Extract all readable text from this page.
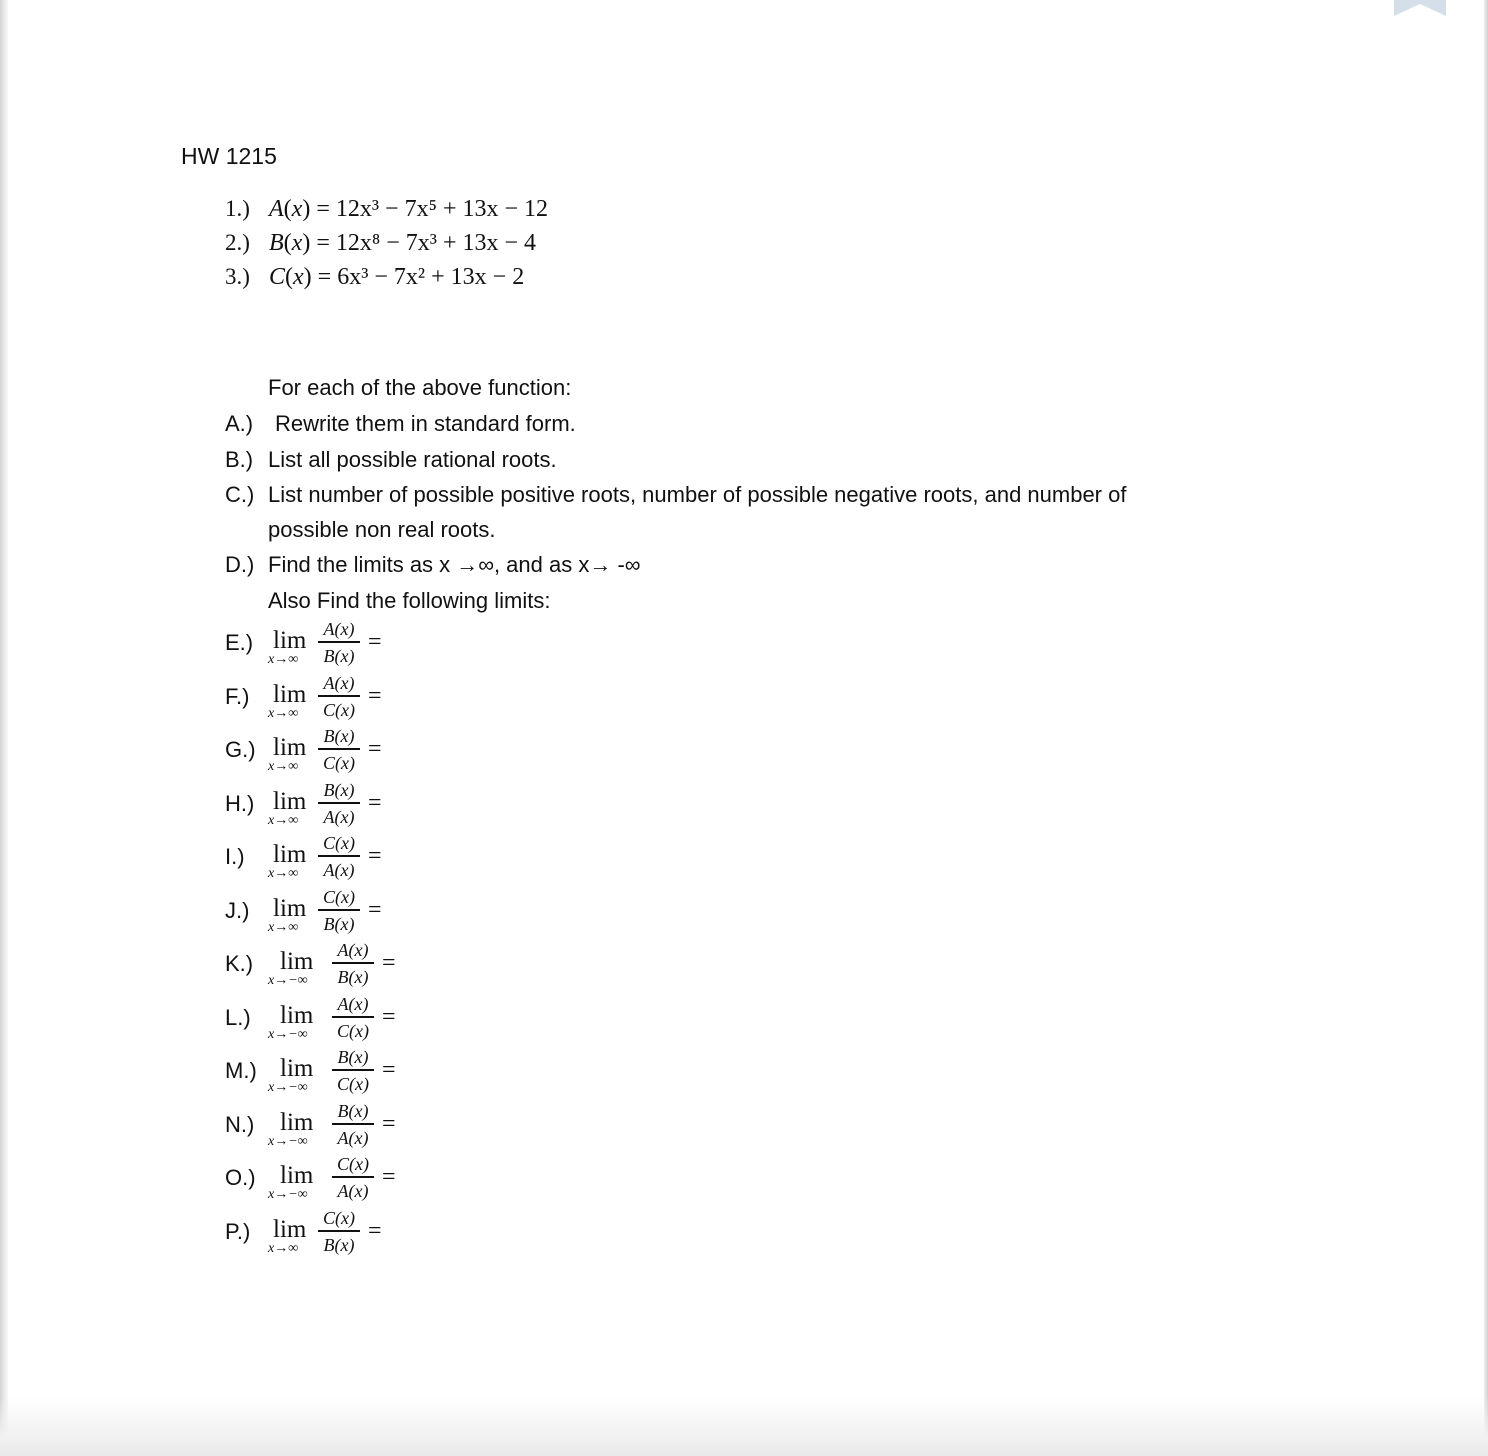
HW 1215
1.) A(x) = 12x³ − 7x⁵ + 13x − 12
2.) B(x) = 12x⁸ − 7x³ + 13x − 4
3.) C(x) = 6x³ − 7x² + 13x − 2
For each of the above function:
A.) Rewrite them in standard form.
B.) List all possible rational roots.
C.) List number of possible positive roots, number of possible negative roots, and number of
possible non real roots.
D.) Find the limits as x →∞, and as x→ -∞
Also Find the following limits:
E.) lim
x→∞
A(x)
B(x)
=
F.) lim
x→∞
A(x)
C(x)
=
G.) lim
x→∞
B(x)
C(x)
=
H.) lim
x→∞
B(x)
A(x)
=
I.) lim
x→∞
C(x)
A(x)
=
J.) lim
x→∞
C(x)
B(x)
=
K.) lim
x→−∞
A(x)
B(x)
=
L.) lim
x→−∞
A(x)
C(x)
=
M.) lim
x→−∞
B(x)
C(x)
=
N.) lim
x→−∞
B(x)
A(x)
=
O.) lim
x→−∞
C(x)
A(x)
=
P.) lim
x→∞
C(x)
B(x)
=
